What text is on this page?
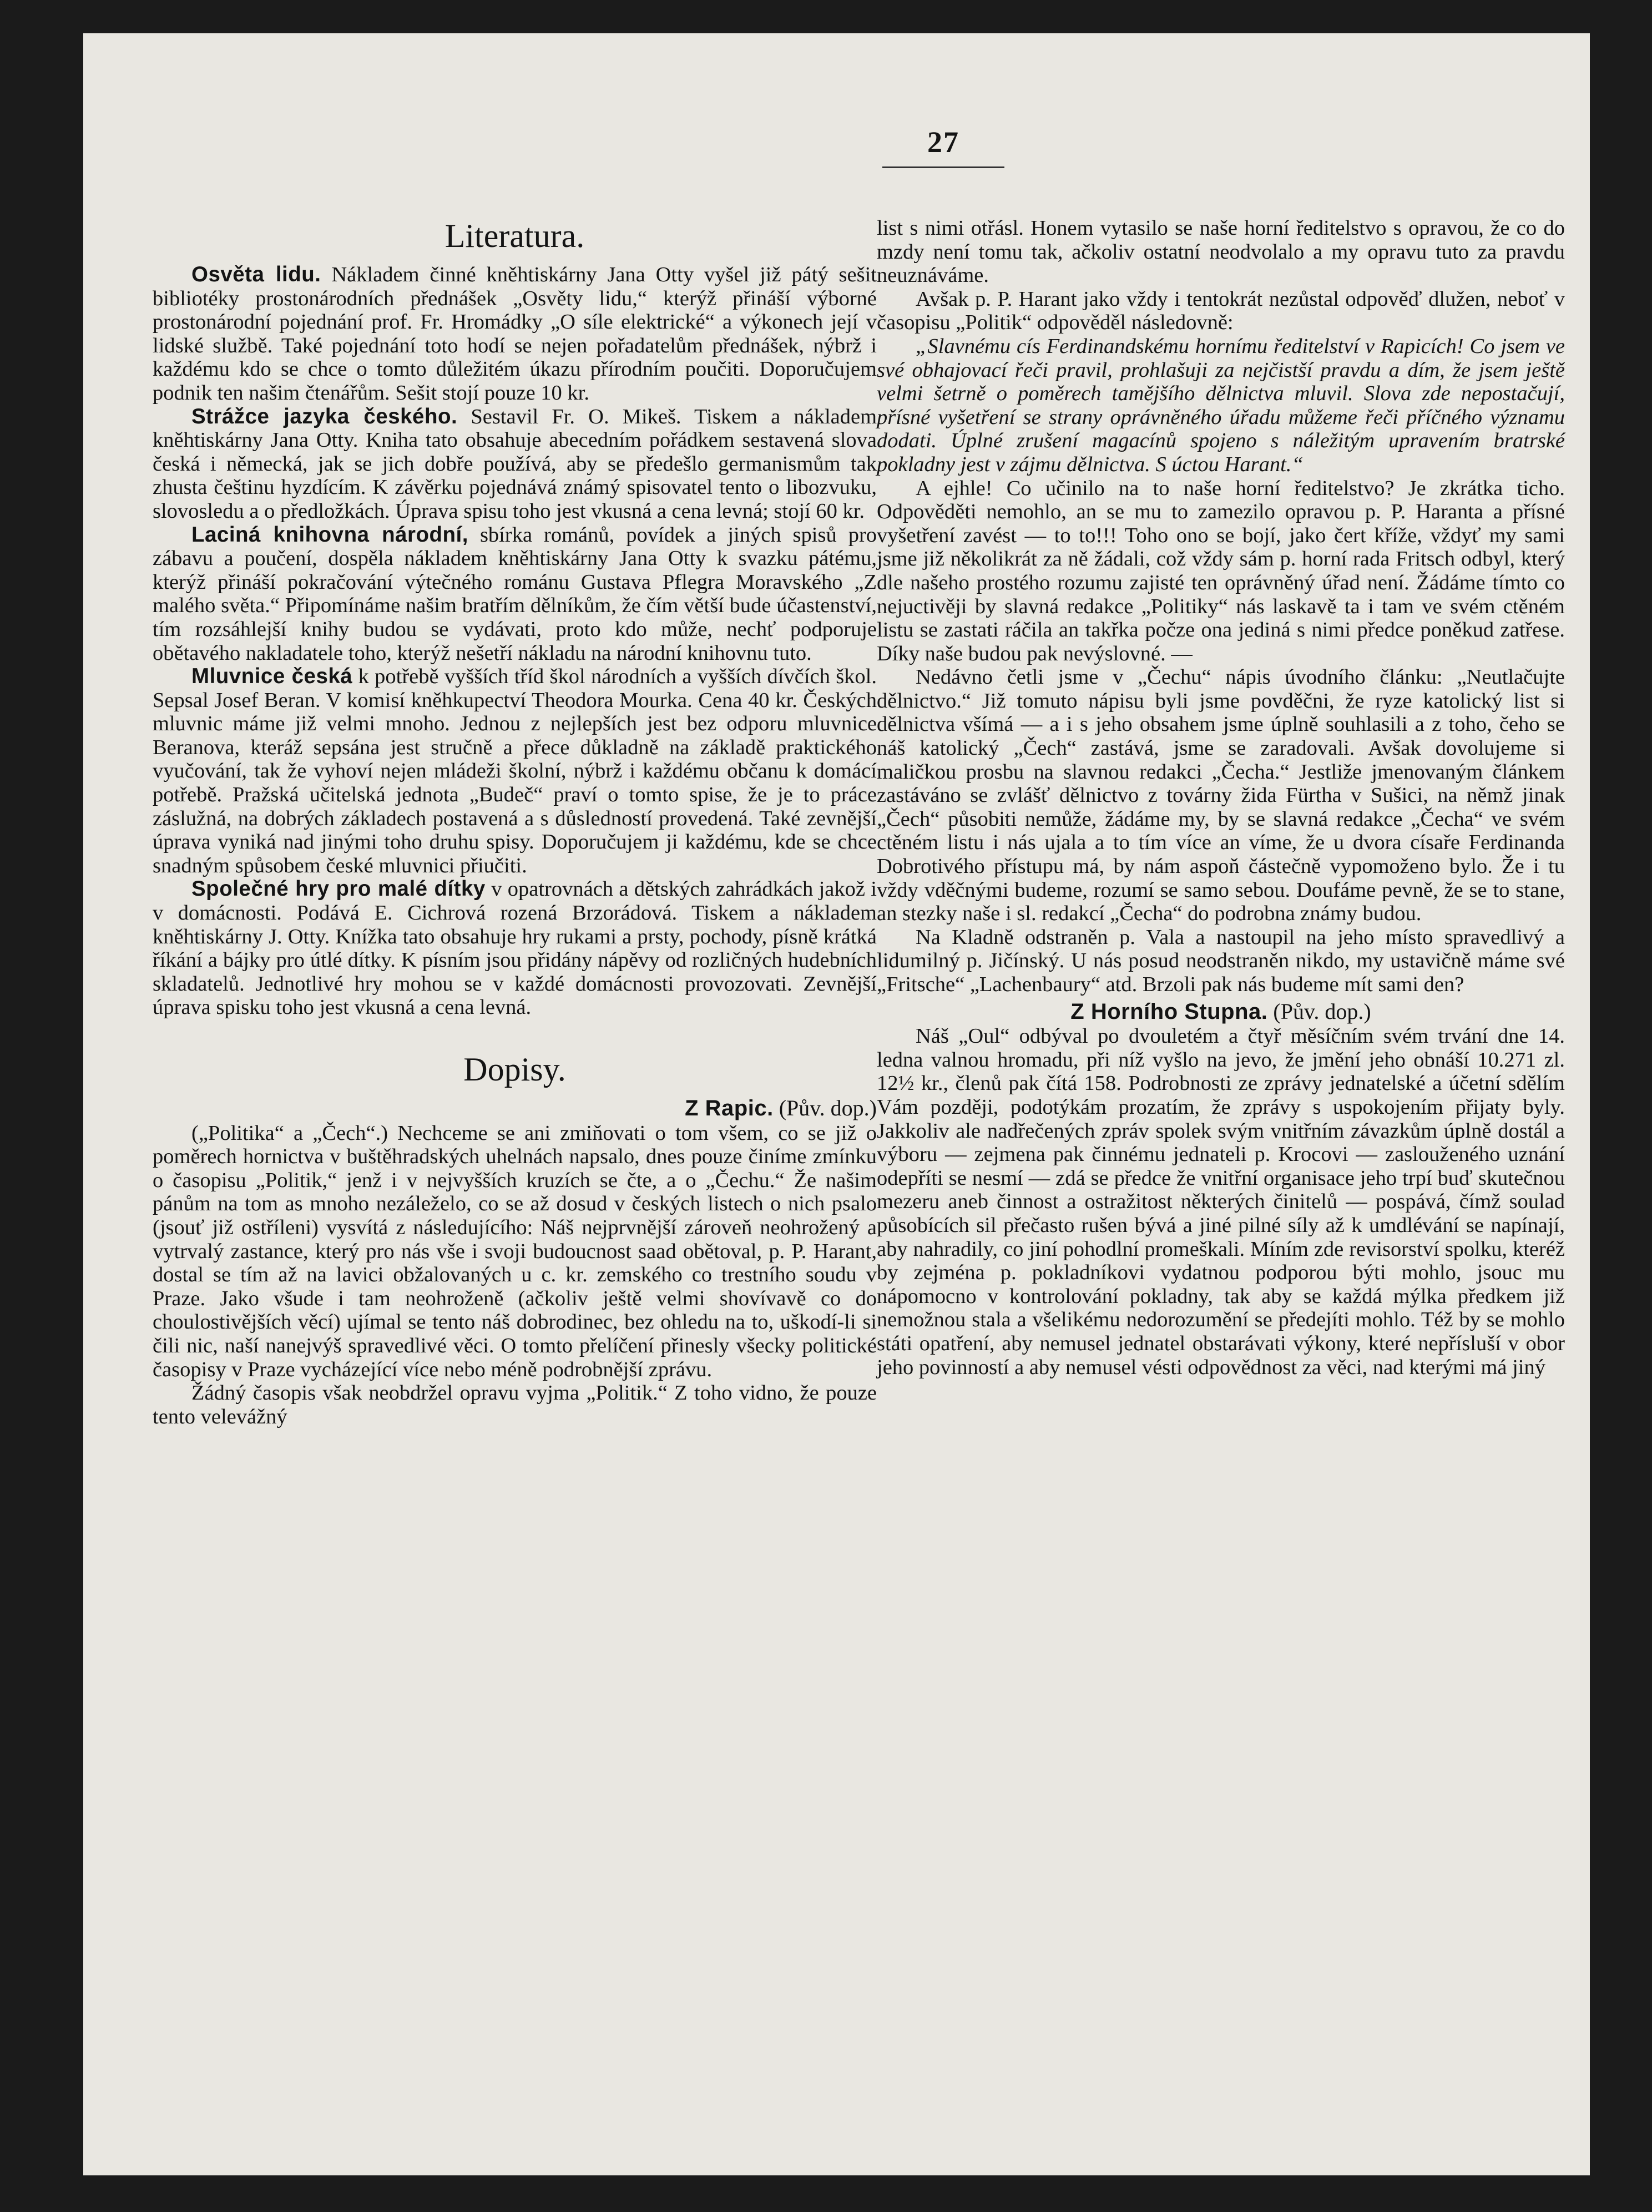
27
Literatura.

Osvěta lidu. Nákladem činné kněhtiskárny Jana Otty vyšel již pátý sešit bibliotéky prostonárodních přednášek „Osvěty lidu,“ kterýž přináší výborné prostonárodní pojednání prof. Fr. Hromádky „O síle elektrické“ a výkonech její v lidské službě. Také pojednání toto hodí se nejen pořadatelům přednášek, nýbrž i každému kdo se chce o tomto důležitém úkazu přírodním poučiti. Doporučujem podnik ten našim čtenářům. Sešit stojí pouze 10 kr.

Strážce jazyka českého. Sestavil Fr. O. Mikeš. Tiskem a nákladem kněhtiskárny Jana Otty. Kniha tato obsahuje abecedním pořádkem sestavená slova česká i německá, jak se jich dobře používá, aby se předešlo germanismům tak zhusta češtinu hyzdícím. K závěrku pojednává známý spisovatel tento o libozvuku, slovosledu a o předložkách. Úprava spisu toho jest vkusná a cena levná; stojí 60 kr.

Laciná knihovna národní, sbírka románů, povídek a jiných spisů pro zábavu a poučení, dospěla nákladem kněhtiskárny Jana Otty k svazku pátému, kterýž přináší pokračování výtečného románu Gustava Pflegra Moravského „Z malého světa.“ Připomínáme našim bratřím dělníkům, že čím větší bude účastenství, tím rozsáhlejší knihy budou se vydávati, proto kdo může, nechť podporuje obětavého nakladatele toho, kterýž nešetří nákladu na národní knihovnu tuto.

Mluvnice česká k potřebě vyšších tříd škol národních a vyšších dívčích škol. Sepsal Josef Beran. V komisí kněhkupectví Theodora Mourka. Cena 40 kr. Českých mluvnic máme již velmi mnoho. Jednou z nejlepších jest bez odporu mluvnice Beranova, kteráž sepsána jest stručně a přece důkladně na základě praktického vyučování, tak že vyhoví nejen mládeži školní, nýbrž i každému občanu k domácí potřebě. Pražská učitelská jednota „Budeč“ praví o tomto spise, že je to práce záslužná, na dobrých základech postavená a s důsledností provedená. Také zevnější úprava vyniká nad jinými toho druhu spisy. Doporučujem ji každému, kde se chce snadným spůsobem české mluvnici přiučiti.

Společné hry pro malé dítky v opatrovnách a dětských zahrádkách jakož i v domácnosti. Podává E. Cichrová rozená Brzorádová. Tiskem a nákladem kněhtiskárny J. Otty. Knížka tato obsahuje hry rukami a prsty, pochody, písně krátká říkání a bájky pro útlé dítky. K písním jsou přidány nápěvy od rozličných hudebních skladatelů. Jednotlivé hry mohou se v každé domácnosti provozovati. Zevnější úprava spisku toho jest vkusná a cena levná.

Dopisy.
Z Rapic. (Pův. dop.)

(„Politika“ a „Čech“.) Nechceme se ani zmiňovati o tom všem, co se již o poměrech hornictva v buštěhradských uhelnách napsalo, dnes pouze činíme zmínku o časopisu „Politik,“ jenž i v nejvyšších kruzích se čte, a o „Čechu.“ Že našim pánům na tom as mnoho nezáleželo, co se až dosud v českých listech o nich psalo (jsouť již ostříleni) vysvítá z následujícího: Náš nejprvnější zároveň neohrožený a vytrvalý zastance, který pro nás vše i svoji budoucnost saad obětoval, p. P. Harant, dostal se tím až na lavici obžalovaných u c. kr. zemského co trestního soudu v Praze. Jako všude i tam neohroženě (ačkoliv ještě velmi shovívavě co do choulostivějších věcí) ujímal se tento náš dobrodinec, bez ohledu na to, uškodí-li si čili nic, naší nanejvýš spravedlivé věci. O tomto přelíčení přinesly všecky politické časopisy v Praze vycházející více nebo méně podrobnější zprávu.

Žádný časopis však neobdržel opravu vyjma „Politik.“ Z toho vidno, že pouze tento velevážný

list s nimi otřásl. Honem vytasilo se naše horní ředitelstvo s opravou, že co do mzdy není tomu tak, ačkoliv ostatní neodvolalo a my opravu tuto za pravdu neuznáváme.

Avšak p. P. Harant jako vždy i tentokrát nezůstal odpověď dlužen, neboť v časopisu „Politik“ odpověděl následovně:

„Slavnému cís Ferdinandskému hornímu ředitelství v Rapicích! Co jsem ve své obhajovací řeči pravil, prohlašuji za nejčistší pravdu a dím, že jsem ještě velmi šetrně o poměrech tamějšího dělnictva mluvil. Slova zde nepostačují, přísné vyšetření se strany oprávněného úřadu můžeme řeči příčného významu dodati. Úplné zrušení magacínů spojeno s náležitým upravením bratrské pokladny jest v zájmu dělnictva. S úctou Harant.“

A ejhle! Co učinilo na to naše horní ředitelstvo? Je zkrátka ticho. Odpověděti nemohlo, an se mu to zamezilo opravou p. P. Haranta a přísné vyšetření zavést — to to!!! Toho ono se bojí, jako čert kříže, vždyť my sami jsme již několikrát za ně žádali, což vždy sám p. horní rada Fritsch odbyl, který dle našeho prostého rozumu zajisté ten oprávněný úřad není. Žádáme tímto co nejuctivěji by slavná redakce „Politiky“ nás laskavě ta i tam ve svém ctěném listu se zastati ráčila an takřka počze ona jediná s nimi předce poněkud zatřese. Díky naše budou pak nevýslovné. —

Nedávno četli jsme v „Čechu“ nápis úvodního článku: „Neutlačujte dělnictvo.“ Již tomuto nápisu byli jsme povděčni, že ryze katolický list si dělnictva všímá — a i s jeho obsahem jsme úplně souhlasili a z toho, čeho se náš katolický „Čech“ zastává, jsme se zaradovali. Avšak dovolujeme si maličkou prosbu na slavnou redakci „Čecha.“ Jestliže jmenovaným článkem zastáváno se zvlášť dělnictvo z továrny žida Fürtha v Sušici, na němž jinak „Čech“ působiti nemůže, žádáme my, by se slavná redakce „Čecha“ ve svém ctěném listu i nás ujala a to tím více an víme, že u dvora císaře Ferdinanda Dobrotivého přístupu má, by nám aspoň částečně vypomoženo bylo. Že i tu vždy vděčnými budeme, rozumí se samo sebou. Doufáme pevně, že se to stane, an stezky naše i sl. redakcí „Čecha“ do podrobna známy budou.

Na Kladně odstraněn p. Vala a nastoupil na jeho místo spravedlivý a lidumilný p. Jičínský. U nás posud neodstraněn nikdo, my ustavičně máme své „Fritsche“ „Lachenbaury“ atd. Brzoli pak nás budeme mít sami den?

Z Horního Stupna. (Pův. dop.)

Náš „Oul“ odbýval po dvouletém a čtyř měsíčním svém trvání dne 14. ledna valnou hromadu, při níž vyšlo na jevo, že jmění jeho obnáší 10.271 zl. 12½ kr., členů pak čítá 158. Podrobnosti ze zprávy jednatelské a účetní sdělím Vám později, podotýkám prozatím, že zprávy s uspokojením přijaty byly. Jakkoliv ale nadřečených zpráv spolek svým vnitřním závazkům úplně dostál a výboru — zejmena pak činnému jednateli p. Krocovi — zaslouženého uznání odepříti se nesmí — zdá se předce že vnitřní organisace jeho trpí buď skutečnou mezeru aneb činnost a ostražitost některých činitelů — pospává, čímž soulad působících sil přečasto rušen bývá a jiné pilné síly až k umdlévání se napínají, aby nahradily, co jiní pohodlní promeškali. Míním zde revisorství spolku, kteréž by zejména p. pokladníkovi vydatnou podporou býti mohlo, jsouc mu nápomocno v kontrolování pokladny, tak aby se každá mýlka předkem již nemožnou stala a všelikému nedorozumění se předejíti mohlo. Též by se mohlo státi opatření, aby nemusel jednatel obstarávati výkony, které nepřísluší v obor jeho povinností a aby nemusel vésti odpovědnost za věci, nad kterými má jiný
